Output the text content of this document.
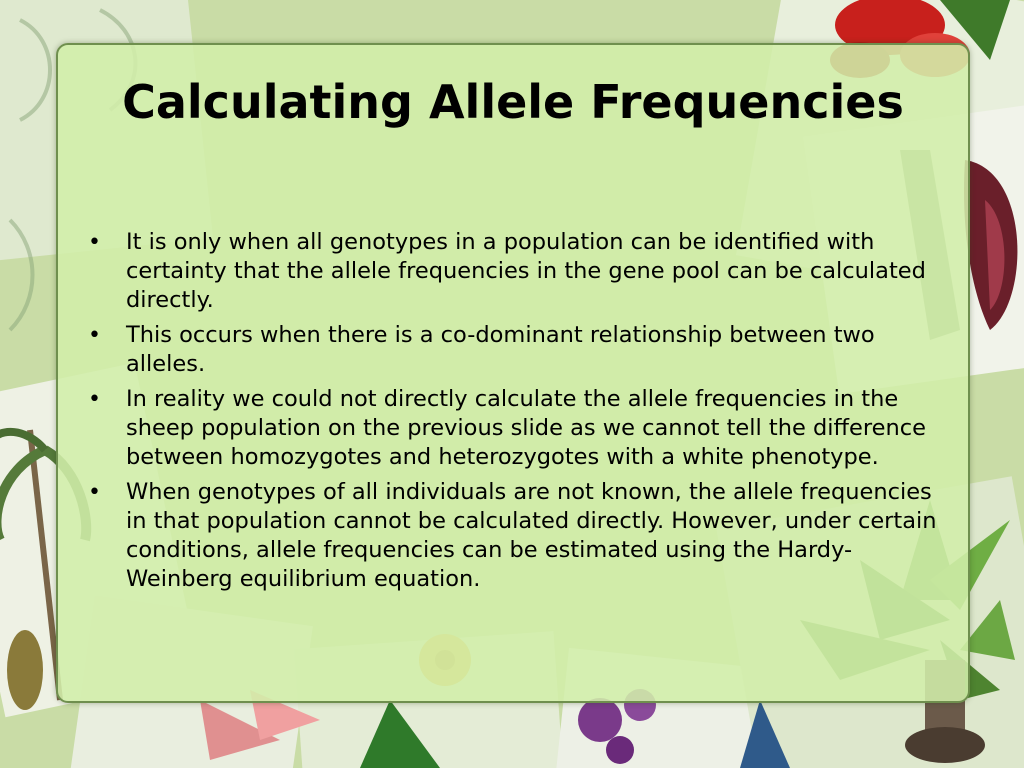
Calculating Allele Frequencies
• It is only when all genotypes in a population can be identified with certainty that the allele frequencies in the gene pool can be calculated directly.
• This occurs when there is a co-dominant relationship between two alleles.
• In reality we could not directly calculate the allele frequencies in the sheep population on the previous slide as we cannot tell the difference between homozygotes and heterozygotes with a white phenotype.
• When genotypes of all individuals are not known, the allele frequencies in that population cannot be calculated directly. However, under certain conditions, allele frequencies can be estimated using the Hardy-Weinberg equilibrium equation.
